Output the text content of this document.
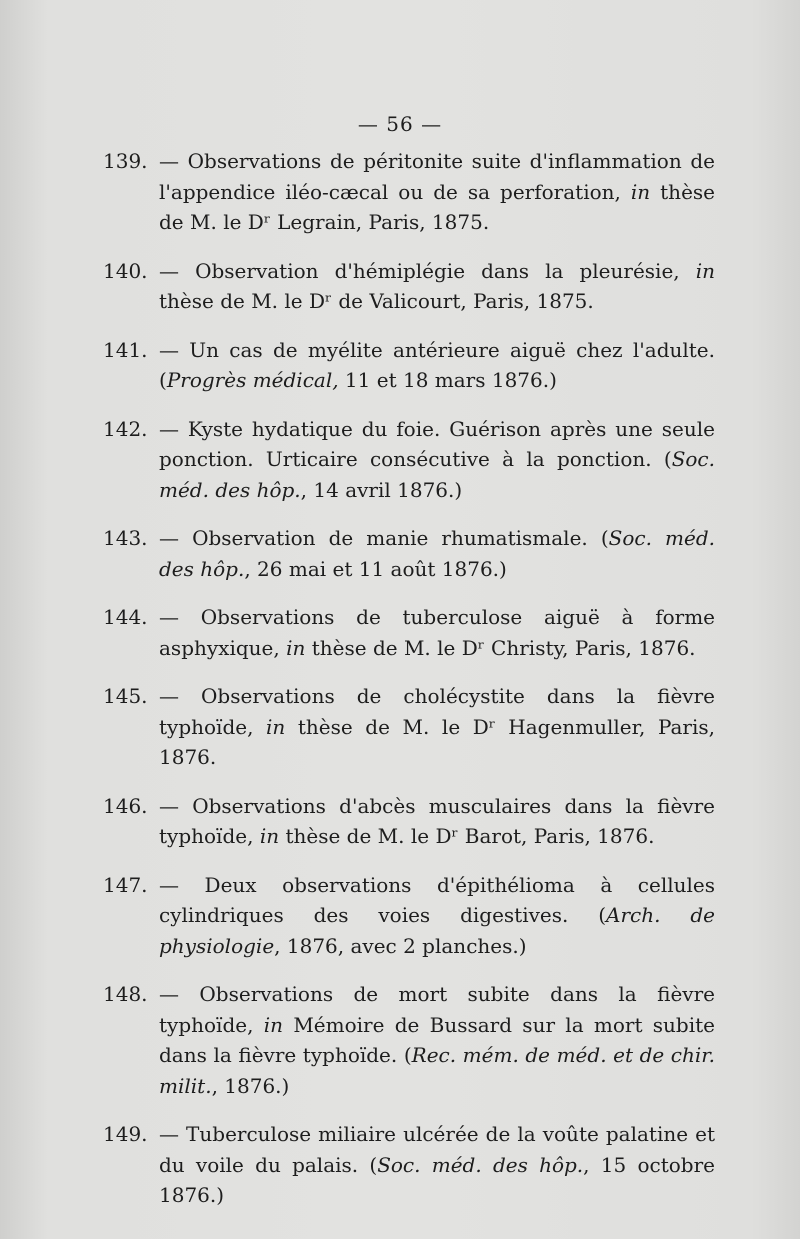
— 56 —
139. — Observations de péritonite suite d'inflammation de l'appendice iléo-cæcal ou de sa perforation, in thèse de M. le Dʳ Legrain, Paris, 1875.
140. — Observation d'hémiplégie dans la pleurésie, in thèse de M. le Dʳ de Valicourt, Paris, 1875.
141. — Un cas de myélite antérieure aiguë chez l'adulte. (Progrès médical, 11 et 18 mars 1876.)
142. — Kyste hydatique du foie. Guérison après une seule ponction. Urticaire consécutive à la ponction. (Soc. méd. des hôp., 14 avril 1876.)
143. — Observation de manie rhumatismale. (Soc. méd. des hôp., 26 mai et 11 août 1876.)
144. — Observations de tuberculose aiguë à forme asphyxique, in thèse de M. le Dʳ Christy, Paris, 1876.
145. — Observations de cholécystite dans la fièvre typhoïde, in thèse de M. le Dʳ Hagenmuller, Paris, 1876.
146. — Observations d'abcès musculaires dans la fièvre typhoïde, in thèse de M. le Dʳ Barot, Paris, 1876.
147. — Deux observations d'épithélioma à cellules cylindriques des voies digestives. (Arch. de physiologie, 1876, avec 2 planches.)
148. — Observations de mort subite dans la fièvre typhoïde, in Mémoire de Bussard sur la mort subite dans la fièvre typhoïde. (Rec. mém. de méd. et de chir. milit., 1876.)
149. — Tuberculose miliaire ulcérée de la voûte palatine et du voile du palais. (Soc. méd. des hôp., 15 octobre 1876.)
